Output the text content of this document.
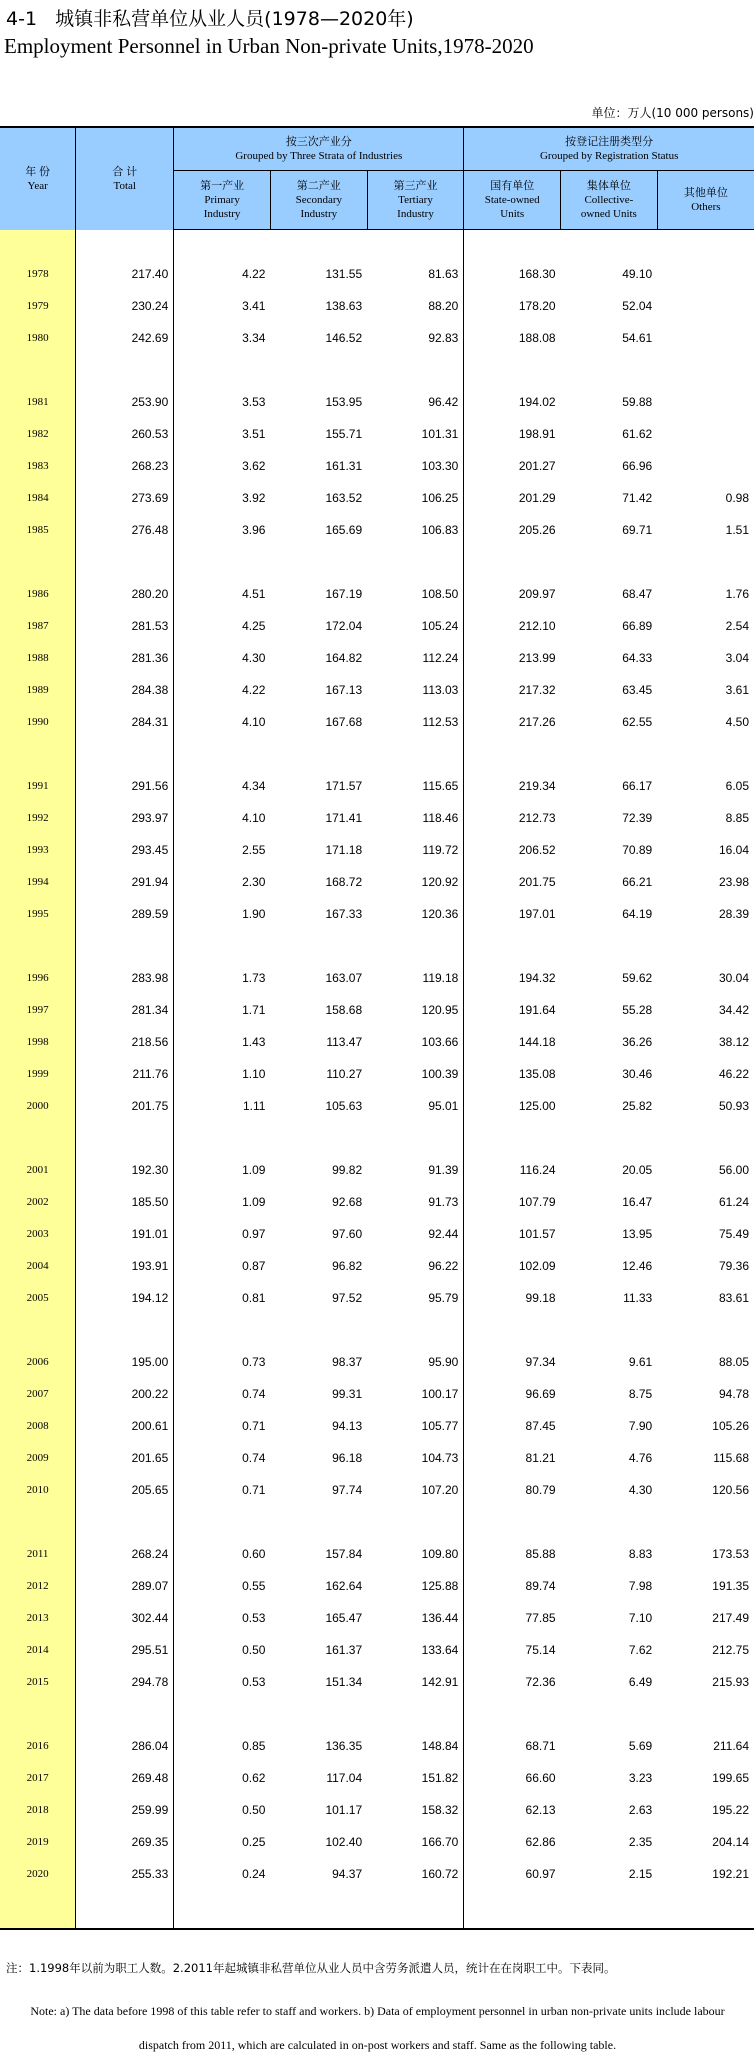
4-1 城镇非私营单位从业人员(1978—2020年)
Employment Personnel in Urban Non-private Units,1978-2020
单位：万人(10 000 persons)
年 份
Year	合 计
Total	按三次产业分
Grouped by Three Strata of Industries			按登记注册类型分
Grouped by Registration Status		
		第一产业
Primary
Industry	第二产业
Secondary
Industry	第三产业
Tertiary
Industry	国有单位
State-owned
Units	集体单位
Collective-
owned Units	其他单位
Others

1978	217.40	4.22	131.55	81.63	168.30	49.10	
1979	230.24	3.41	138.63	88.20	178.20	52.04	
1980	242.69	3.34	146.52	92.83	188.08	54.61	

1981	253.90	3.53	153.95	96.42	194.02	59.88	
1982	260.53	3.51	155.71	101.31	198.91	61.62	
1983	268.23	3.62	161.31	103.30	201.27	66.96	
1984	273.69	3.92	163.52	106.25	201.29	71.42	0.98
1985	276.48	3.96	165.69	106.83	205.26	69.71	1.51

1986	280.20	4.51	167.19	108.50	209.97	68.47	1.76
1987	281.53	4.25	172.04	105.24	212.10	66.89	2.54
1988	281.36	4.30	164.82	112.24	213.99	64.33	3.04
1989	284.38	4.22	167.13	113.03	217.32	63.45	3.61
1990	284.31	4.10	167.68	112.53	217.26	62.55	4.50

1991	291.56	4.34	171.57	115.65	219.34	66.17	6.05
1992	293.97	4.10	171.41	118.46	212.73	72.39	8.85
1993	293.45	2.55	171.18	119.72	206.52	70.89	16.04
1994	291.94	2.30	168.72	120.92	201.75	66.21	23.98
1995	289.59	1.90	167.33	120.36	197.01	64.19	28.39

1996	283.98	1.73	163.07	119.18	194.32	59.62	30.04
1997	281.34	1.71	158.68	120.95	191.64	55.28	34.42
1998	218.56	1.43	113.47	103.66	144.18	36.26	38.12
1999	211.76	1.10	110.27	100.39	135.08	30.46	46.22
2000	201.75	1.11	105.63	95.01	125.00	25.82	50.93

2001	192.30	1.09	99.82	91.39	116.24	20.05	56.00
2002	185.50	1.09	92.68	91.73	107.79	16.47	61.24
2003	191.01	0.97	97.60	92.44	101.57	13.95	75.49
2004	193.91	0.87	96.82	96.22	102.09	12.46	79.36
2005	194.12	0.81	97.52	95.79	99.18	11.33	83.61

2006	195.00	0.73	98.37	95.90	97.34	9.61	88.05
2007	200.22	0.74	99.31	100.17	96.69	8.75	94.78
2008	200.61	0.71	94.13	105.77	87.45	7.90	105.26
2009	201.65	0.74	96.18	104.73	81.21	4.76	115.68
2010	205.65	0.71	97.74	107.20	80.79	4.30	120.56

2011	268.24	0.60	157.84	109.80	85.88	8.83	173.53
2012	289.07	0.55	162.64	125.88	89.74	7.98	191.35
2013	302.44	0.53	165.47	136.44	77.85	7.10	217.49
2014	295.51	0.50	161.37	133.64	75.14	7.62	212.75
2015	294.78	0.53	151.34	142.91	72.36	6.49	215.93

2016	286.04	0.85	136.35	148.84	68.71	5.69	211.64
2017	269.48	0.62	117.04	151.82	66.60	3.23	199.65
2018	259.99	0.50	101.17	158.32	62.13	2.63	195.22
2019	269.35	0.25	102.40	166.70	62.86	2.35	204.14
2020	255.33	0.24	94.37	160.72	60.97	2.15	192.21

注：1.1998年以前为职工人数。2.2011年起城镇非私营单位从业人员中含劳务派遣人员，统计在在岗职工中。下表同。
Note: a) The data before 1998 of this table refer to staff and workers. b) Data of employment personnel in urban non-private units include labour dispatch from 2011, which are calculated in on-post workers and staff. Same as the following table.
